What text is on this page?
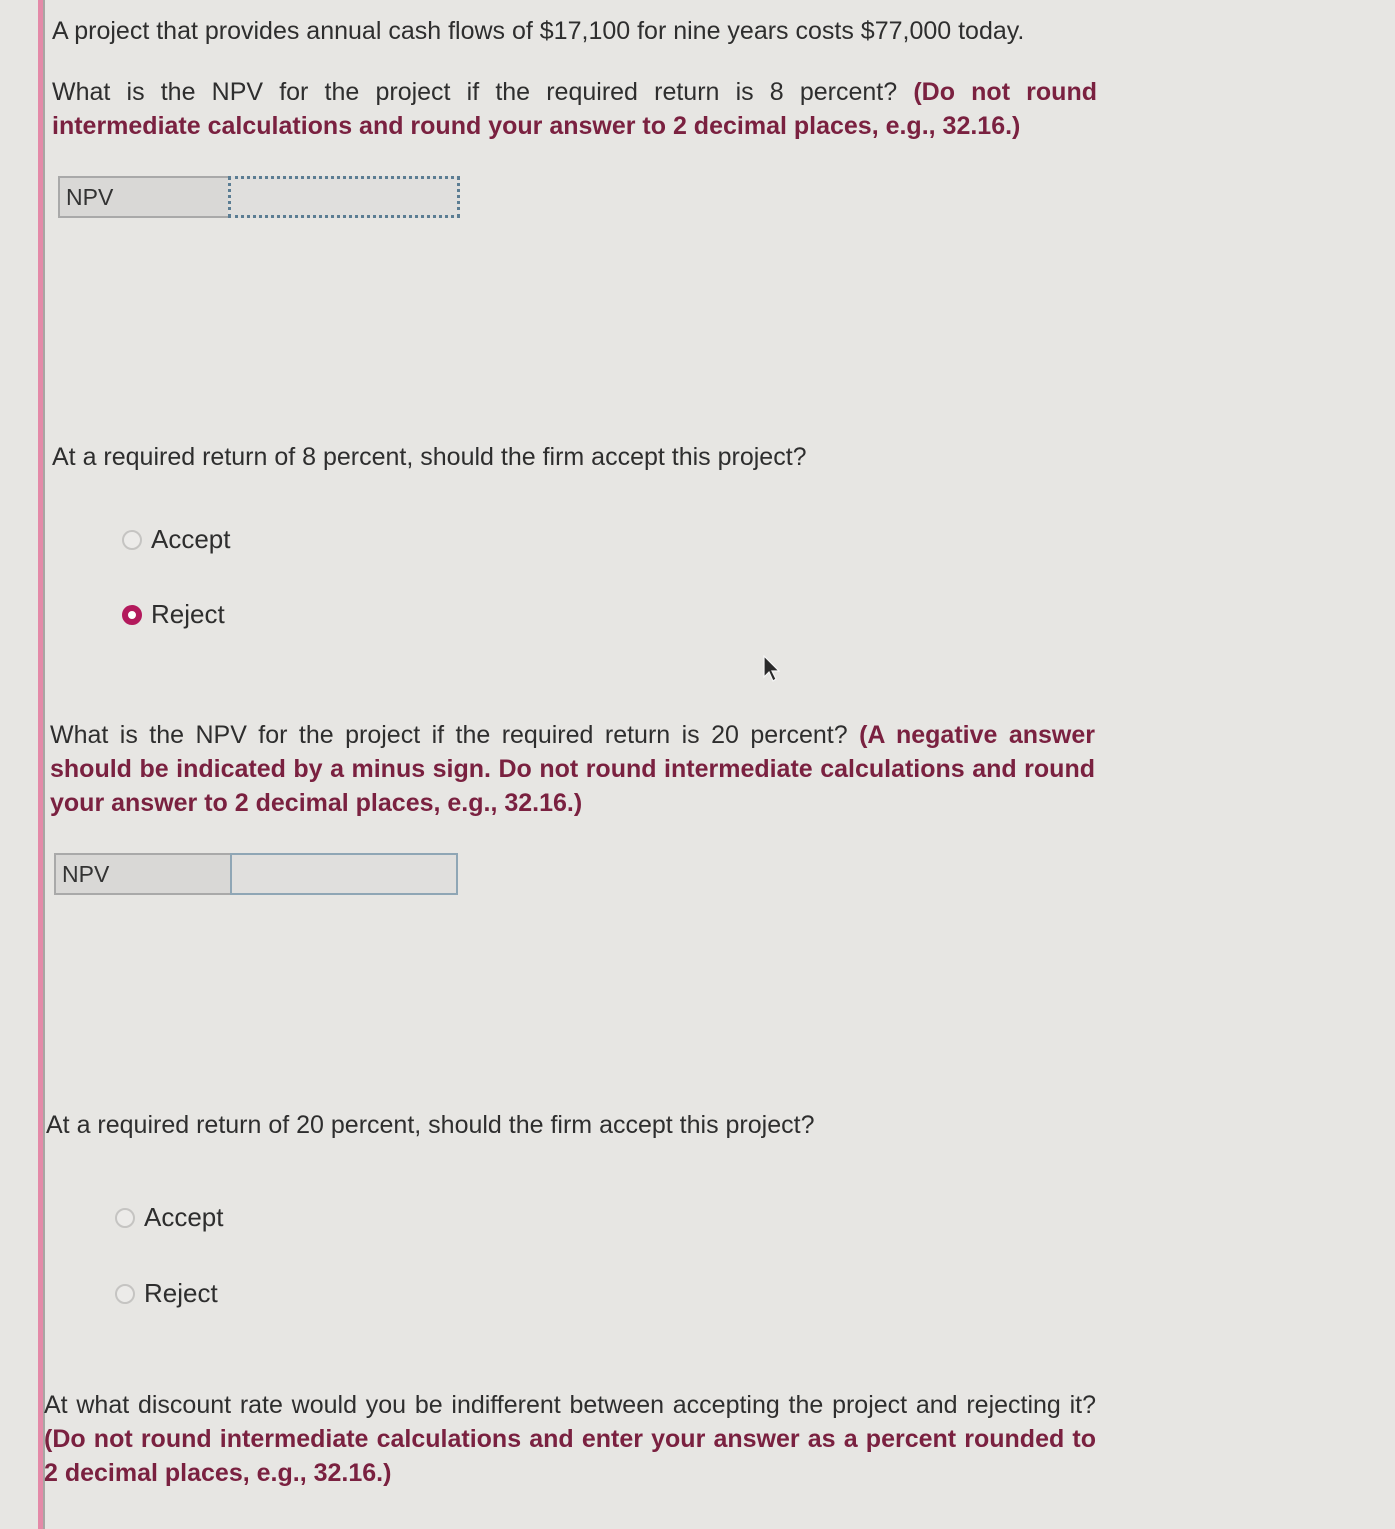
A project that provides annual cash flows of $17,100 for nine years costs $77,000 today.
What is the NPV for the project if the required return is 8 percent? (Do not round intermediate calculations and round your answer to 2 decimal places, e.g., 32.16.)
NPV
At a required return of 8 percent, should the firm accept this project?
Accept
Reject
What is the NPV for the project if the required return is 20 percent? (A negative answer should be indicated by a minus sign. Do not round intermediate calculations and round your answer to 2 decimal places, e.g., 32.16.)
NPV
At a required return of 20 percent, should the firm accept this project?
Accept
Reject
At what discount rate would you be indifferent between accepting the project and rejecting it? (Do not round intermediate calculations and enter your answer as a percent rounded to 2 decimal places, e.g., 32.16.)
